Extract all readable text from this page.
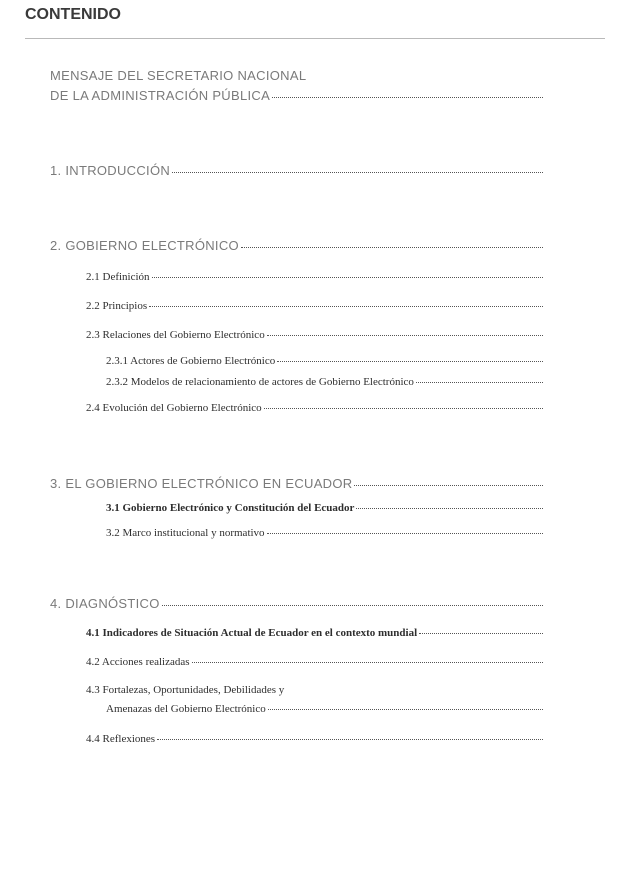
CONTENIDO
MENSAJE DEL SECRETARIO NACIONAL
DE LA ADMINISTRACIÓN PÚBLICA
1. INTRODUCCIÓN
2. GOBIERNO ELECTRÓNICO
2.1 Definición
2.2 Principios
2.3 Relaciones del Gobierno Electrónico
2.3.1 Actores de Gobierno Electrónico
2.3.2 Modelos de relacionamiento de actores de Gobierno Electrónico
2.4 Evolución del Gobierno Electrónico
3. EL GOBIERNO ELECTRÓNICO EN ECUADOR
3.1 Gobierno Electrónico y Constitución del Ecuador
3.2 Marco institucional y normativo
4. DIAGNÓSTICO
4.1 Indicadores de Situación Actual de Ecuador en el contexto mundial
4.2 Acciones realizadas
4.3 Fortalezas, Oportunidades, Debilidades y
Amenazas del Gobierno Electrónico
4.4 Reflexiones
